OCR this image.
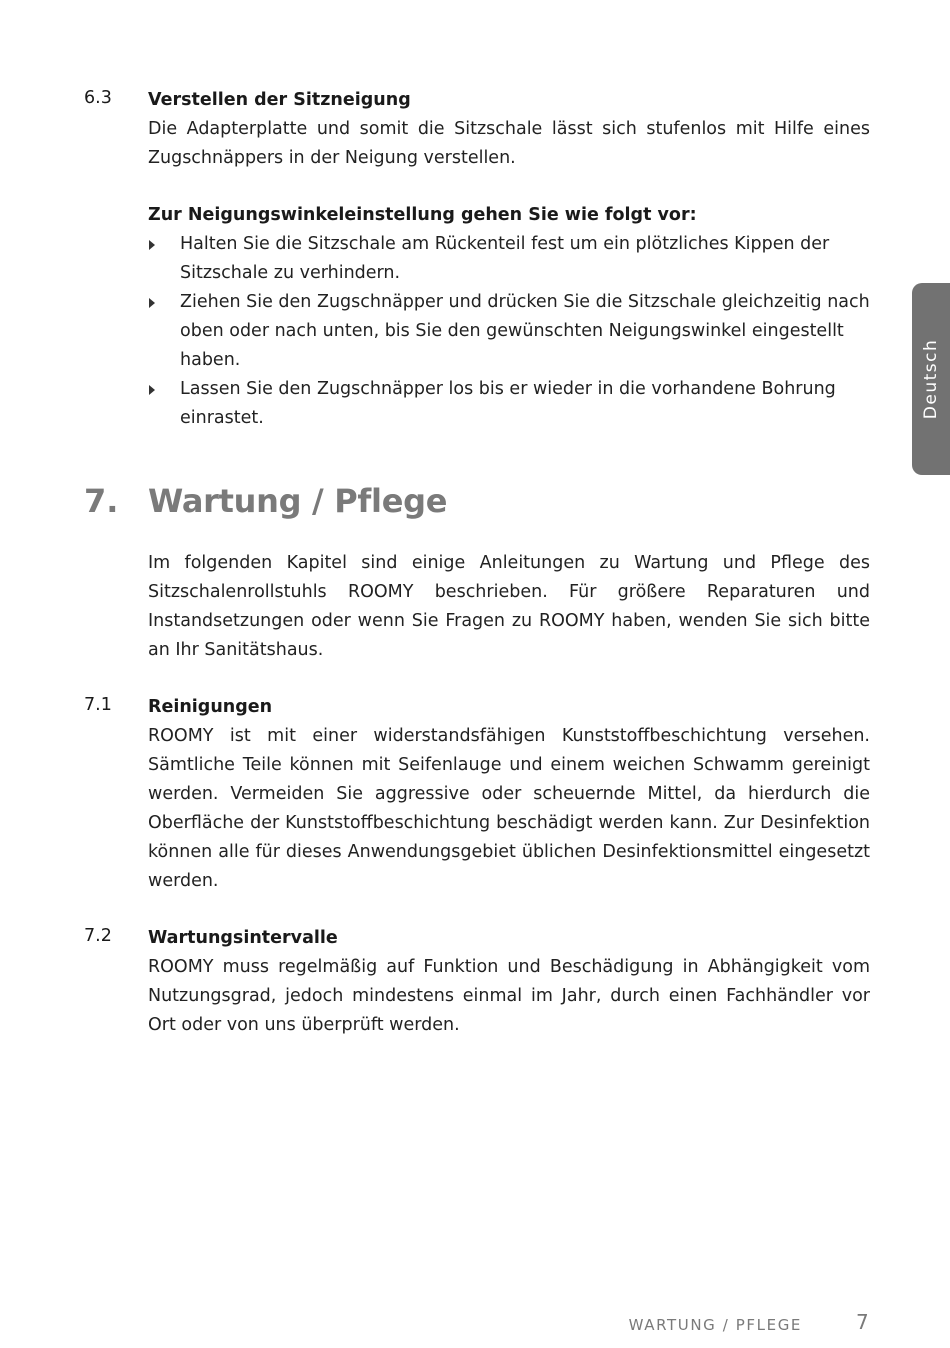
6.3 Verstellen der Sitzneigung

Die Adapterplatte und somit die Sitzschale lässt sich stufenlos mit Hilfe eines Zugschnäppers in der Neigung verstellen.

Zur Neigungswinkeleinstellung gehen Sie wie folgt vor:
Halten Sie die Sitzschale am Rückenteil fest um ein plötzliches Kippen der Sitzschale zu verhindern.
Ziehen Sie den Zugschnäpper und drücken Sie die Sitzschale gleichzeitig nach oben oder nach unten, bis Sie den gewünschten Neigungswinkel eingestellt haben.
Lassen Sie den Zugschnäpper los bis er wieder in die vorhandene Bohrung einrastet.
7. Wartung / Pflege

Im folgenden Kapitel sind einige Anleitungen zu Wartung und Pflege des Sitzschalenrollstuhls ROOMY beschrieben. Für größere Reparaturen und Instandsetzungen oder wenn Sie Fragen zu ROOMY haben, wenden Sie sich bitte an Ihr Sanitätshaus.

7.1 Reinigungen

ROOMY ist mit einer widerstandsfähigen Kunststoffbeschichtung versehen. Sämtliche Teile können mit Seifenlauge und einem weichen Schwamm gereinigt werden. Vermeiden Sie aggressive oder scheuernde Mittel, da hierdurch die Oberfläche der Kunststoffbeschichtung beschädigt werden kann. Zur Desinfektion können alle für dieses Anwendungsgebiet üblichen Desinfektionsmittel eingesetzt werden.

7.2 Wartungsintervalle

ROOMY muss regelmäßig auf Funktion und Beschädigung in Abhängigkeit vom Nutzungsgrad, jedoch mindestens einmal im Jahr, durch einen Fachhändler vor Ort oder von uns überprüft werden.

Deutsch
WARTUNG / PFLEGE	7
